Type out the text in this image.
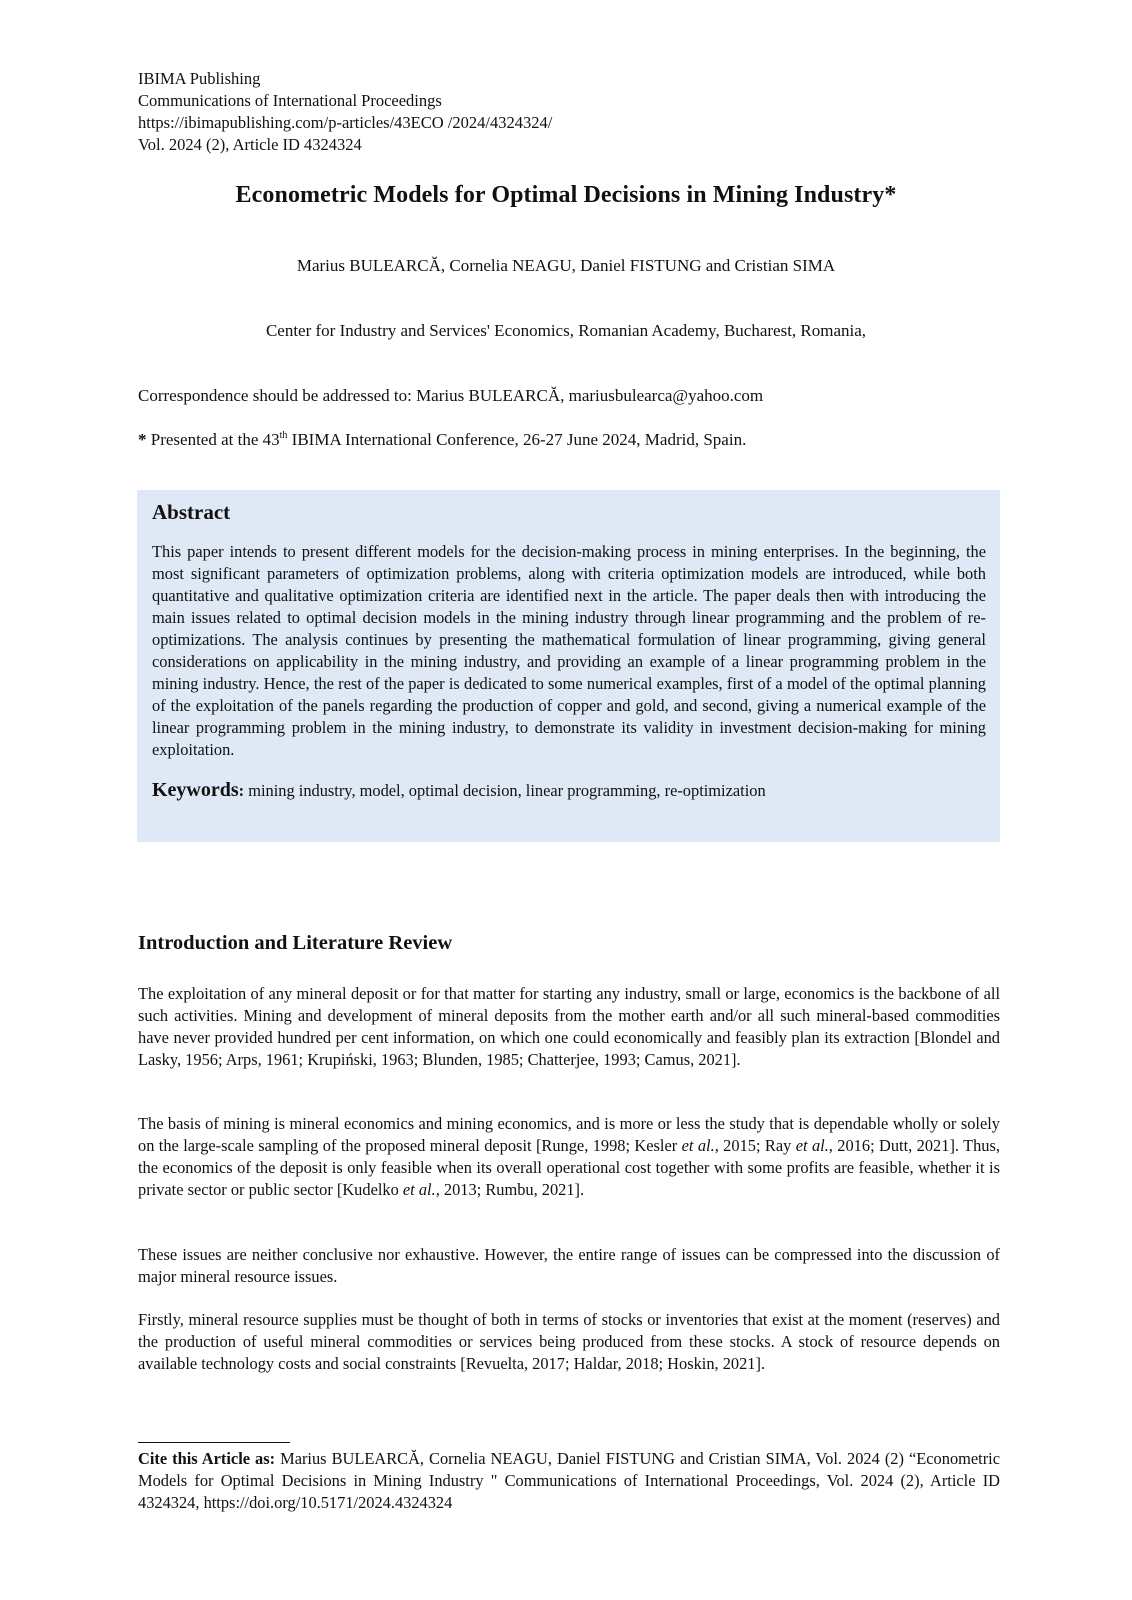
IBIMA Publishing
Communications of International Proceedings
https://ibimapublishing.com/p-articles/43ECO /2024/4324324/
Vol. 2024 (2), Article ID 4324324
Econometric Models for Optimal Decisions in Mining Industry*
Marius BULEARCĂ, Cornelia NEAGU, Daniel FISTUNG and Cristian SIMA
Center for Industry and Services' Economics, Romanian Academy, Bucharest, Romania,
Correspondence should be addressed to: Marius BULEARCĂ, mariusbulearca@yahoo.com
* Presented at the 43th IBIMA International Conference, 26-27 June 2024, Madrid, Spain.
Abstract
This paper intends to present different models for the decision-making process in mining enterprises. In the beginning, the most significant parameters of optimization problems, along with criteria optimization models are introduced, while both quantitative and qualitative optimization criteria are identified next in the article. The paper deals then with introducing the main issues related to optimal decision models in the mining industry through linear programming and the problem of re-optimizations. The analysis continues by presenting the mathematical formulation of linear programming, giving general considerations on applicability in the mining industry, and providing an example of a linear programming problem in the mining industry. Hence, the rest of the paper is dedicated to some numerical examples, first of a model of the optimal planning of the exploitation of the panels regarding the production of copper and gold, and second, giving a numerical example of the linear programming problem in the mining industry, to demonstrate its validity in investment decision-making for mining exploitation.
Keywords: mining industry, model, optimal decision, linear programming, re-optimization
Introduction and Literature Review
The exploitation of any mineral deposit or for that matter for starting any industry, small or large, economics is the backbone of all such activities. Mining and development of mineral deposits from the mother earth and/or all such mineral-based commodities have never provided hundred per cent information, on which one could economically and feasibly plan its extraction [Blondel and Lasky, 1956; Arps, 1961; Krupiński, 1963; Blunden, 1985; Chatterjee, 1993; Camus, 2021].
The basis of mining is mineral economics and mining economics, and is more or less the study that is dependable wholly or solely on the large-scale sampling of the proposed mineral deposit [Runge, 1998; Kesler et al., 2015; Ray et al., 2016; Dutt, 2021]. Thus, the economics of the deposit is only feasible when its overall operational cost together with some profits are feasible, whether it is private sector or public sector [Kudelko et al., 2013; Rumbu, 2021].
These issues are neither conclusive nor exhaustive. However, the entire range of issues can be compressed into the discussion of major mineral resource issues.
Firstly, mineral resource supplies must be thought of both in terms of stocks or inventories that exist at the moment (reserves) and the production of useful mineral commodities or services being produced from these stocks. A stock of resource depends on available technology costs and social constraints [Revuelta, 2017; Haldar, 2018; Hoskin, 2021].
Cite this Article as: Marius BULEARCĂ, Cornelia NEAGU, Daniel FISTUNG and Cristian SIMA, Vol. 2024 (2) “Econometric Models for Optimal Decisions in Mining Industry " Communications of International Proceedings, Vol. 2024 (2), Article ID 4324324, https://doi.org/10.5171/2024.4324324
